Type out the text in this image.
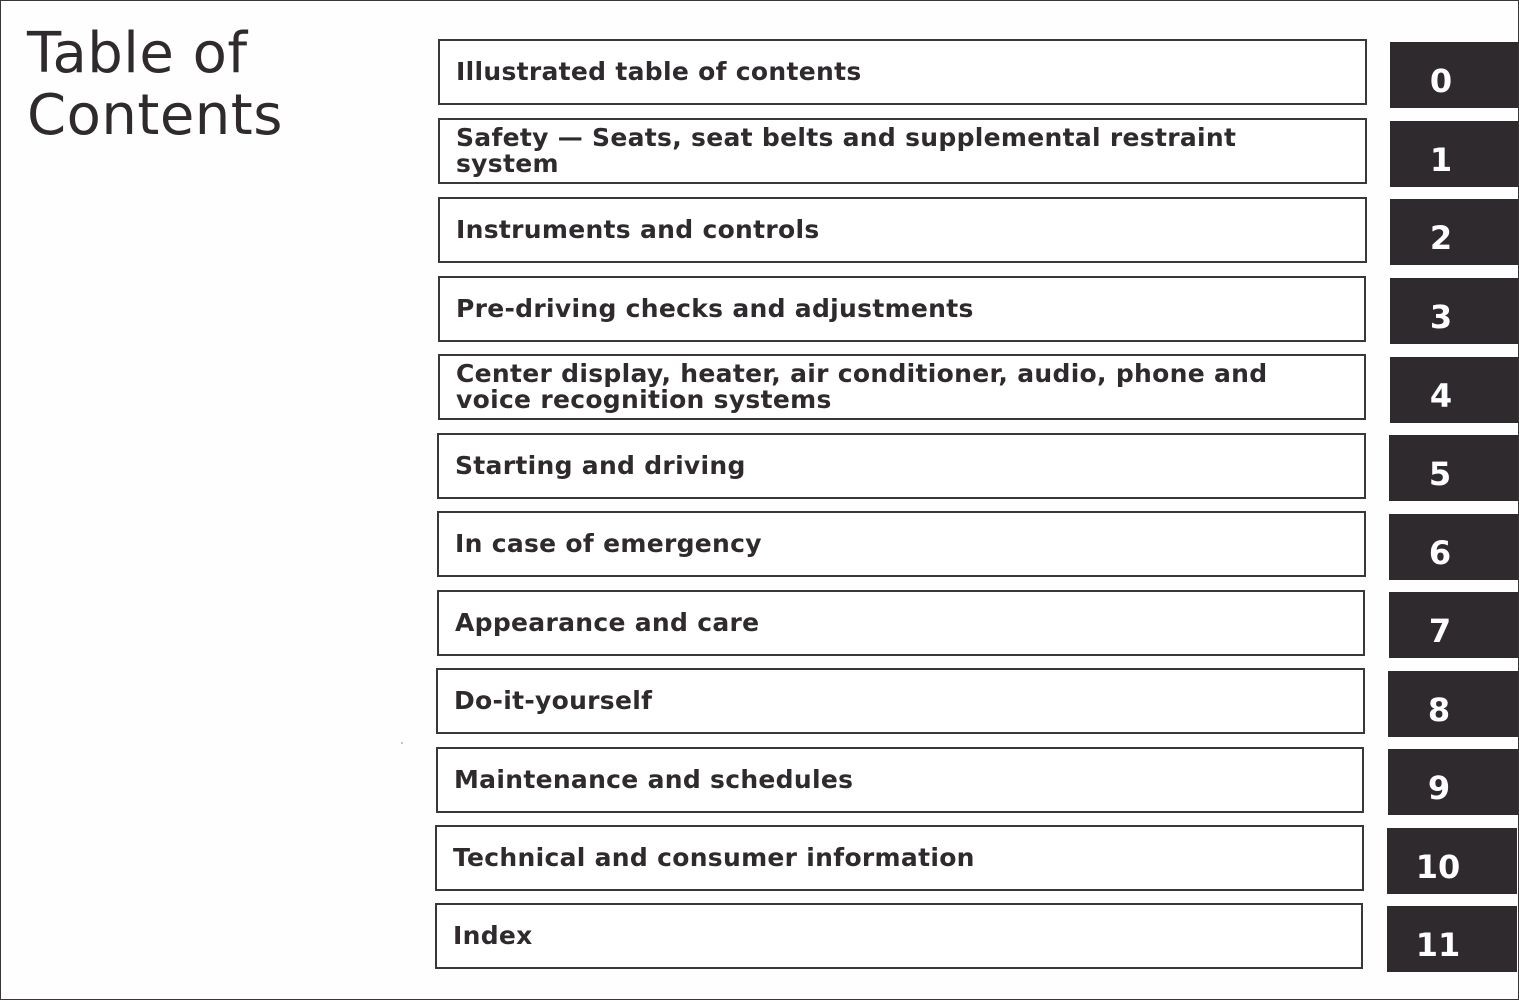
Table of
Contents
Illustrated table of contents	0
Safety — Seats, seat belts and supplemental restraint system	1
Instruments and controls	2
Pre-driving checks and adjustments	3
Center display, heater, air conditioner, audio, phone and voice recognition systems	4
Starting and driving	5
In case of emergency	6
Appearance and care	7
Do-it-yourself	8
Maintenance and schedules	9
Technical and consumer information	10
Index	11
